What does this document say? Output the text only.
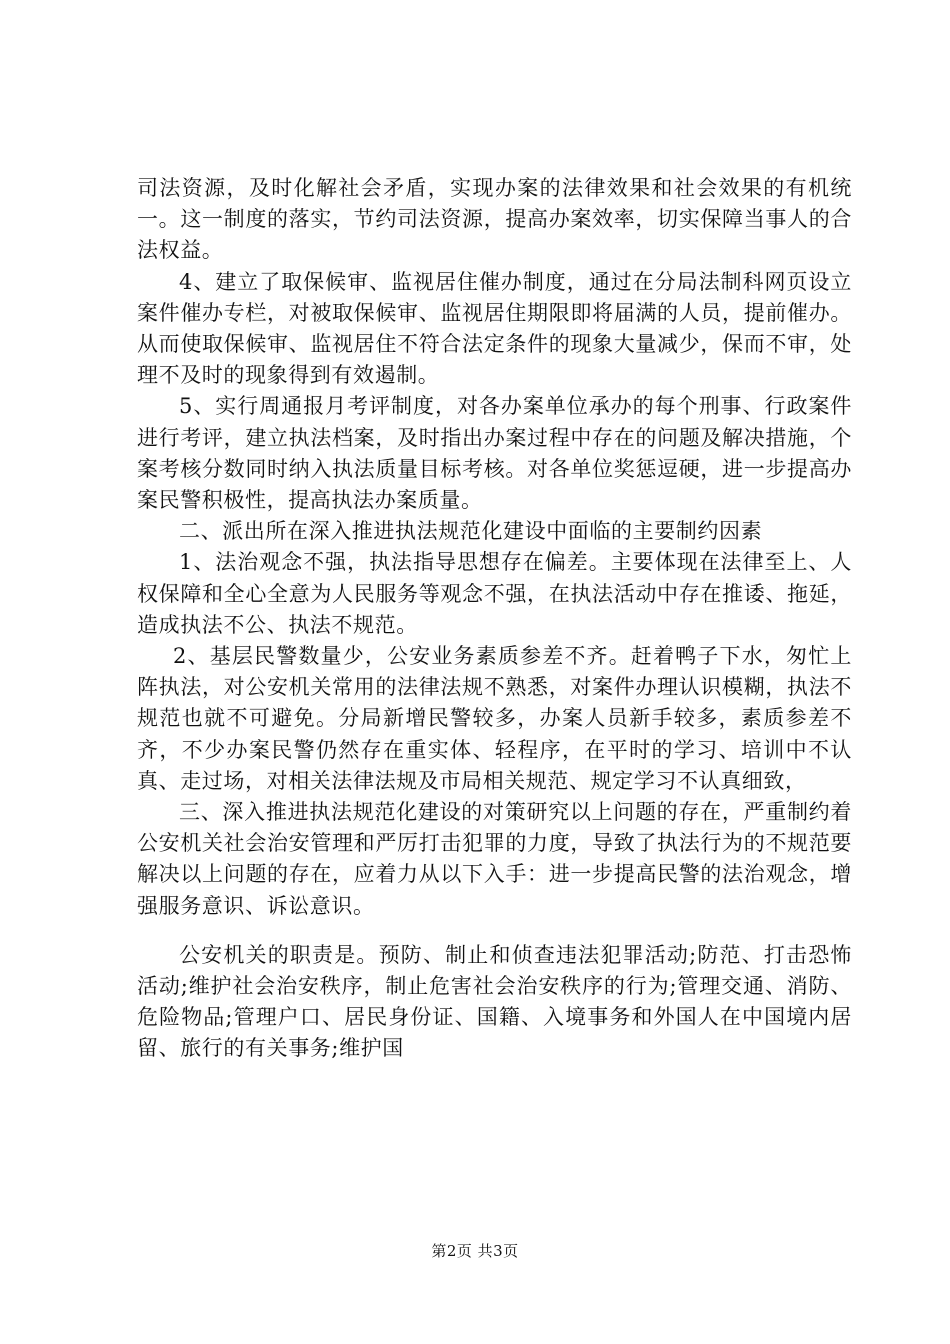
司法资源，及时化解社会矛盾，实现办案的法律效果和社会效果的有机统一。这一制度的落实，节约司法资源，提高办案效率，切实保障当事人的合法权益。

4、建立了取保候审、监视居住催办制度，通过在分局法制科网页设立案件催办专栏，对被取保候审、监视居住期限即将届满的人员，提前催办。从而使取保候审、监视居住不符合法定条件的现象大量减少，保而不审，处理不及时的现象得到有效遏制。

5、实行周通报月考评制度，对各办案单位承办的每个刑事、行政案件进行考评，建立执法档案，及时指出办案过程中存在的问题及解决措施，个案考核分数同时纳入执法质量目标考核。对各单位奖惩逗硬，进一步提高办案民警积极性，提高执法办案质量。

二、派出所在深入推进执法规范化建设中面临的主要制约因素

1、法治观念不强，执法指导思想存在偏差。主要体现在法律至上、人权保障和全心全意为人民服务等观念不强，在执法活动中存在推诿、拖延，造成执法不公、执法不规范。

2、基层民警数量少，公安业务素质参差不齐。赶着鸭子下水，匆忙上阵执法，对公安机关常用的法律法规不熟悉，对案件办理认识模糊，执法不规范也就不可避免。分局新增民警较多，办案人员新手较多，素质参差不齐，不少办案民警仍然存在重实体、轻程序，在平时的学习、培训中不认真、走过场，对相关法律法规及市局相关规范、规定学习不认真细致，

三、深入推进执法规范化建设的对策研究以上问题的存在，严重制约着公安机关社会治安管理和严厉打击犯罪的力度，导致了执法行为的不规范要解决以上问题的存在，应着力从以下入手：进一步提高民警的法治观念，增强服务意识、诉讼意识。

公安机关的职责是。预防、制止和侦查违法犯罪活动;防范、打击恐怖活动;维护社会治安秩序，制止危害社会治安秩序的行为;管理交通、消防、危险物品;管理户口、居民身份证、国籍、入境事务和外国人在中国境内居留、旅行的有关事务;维护国

第2页 共3页
